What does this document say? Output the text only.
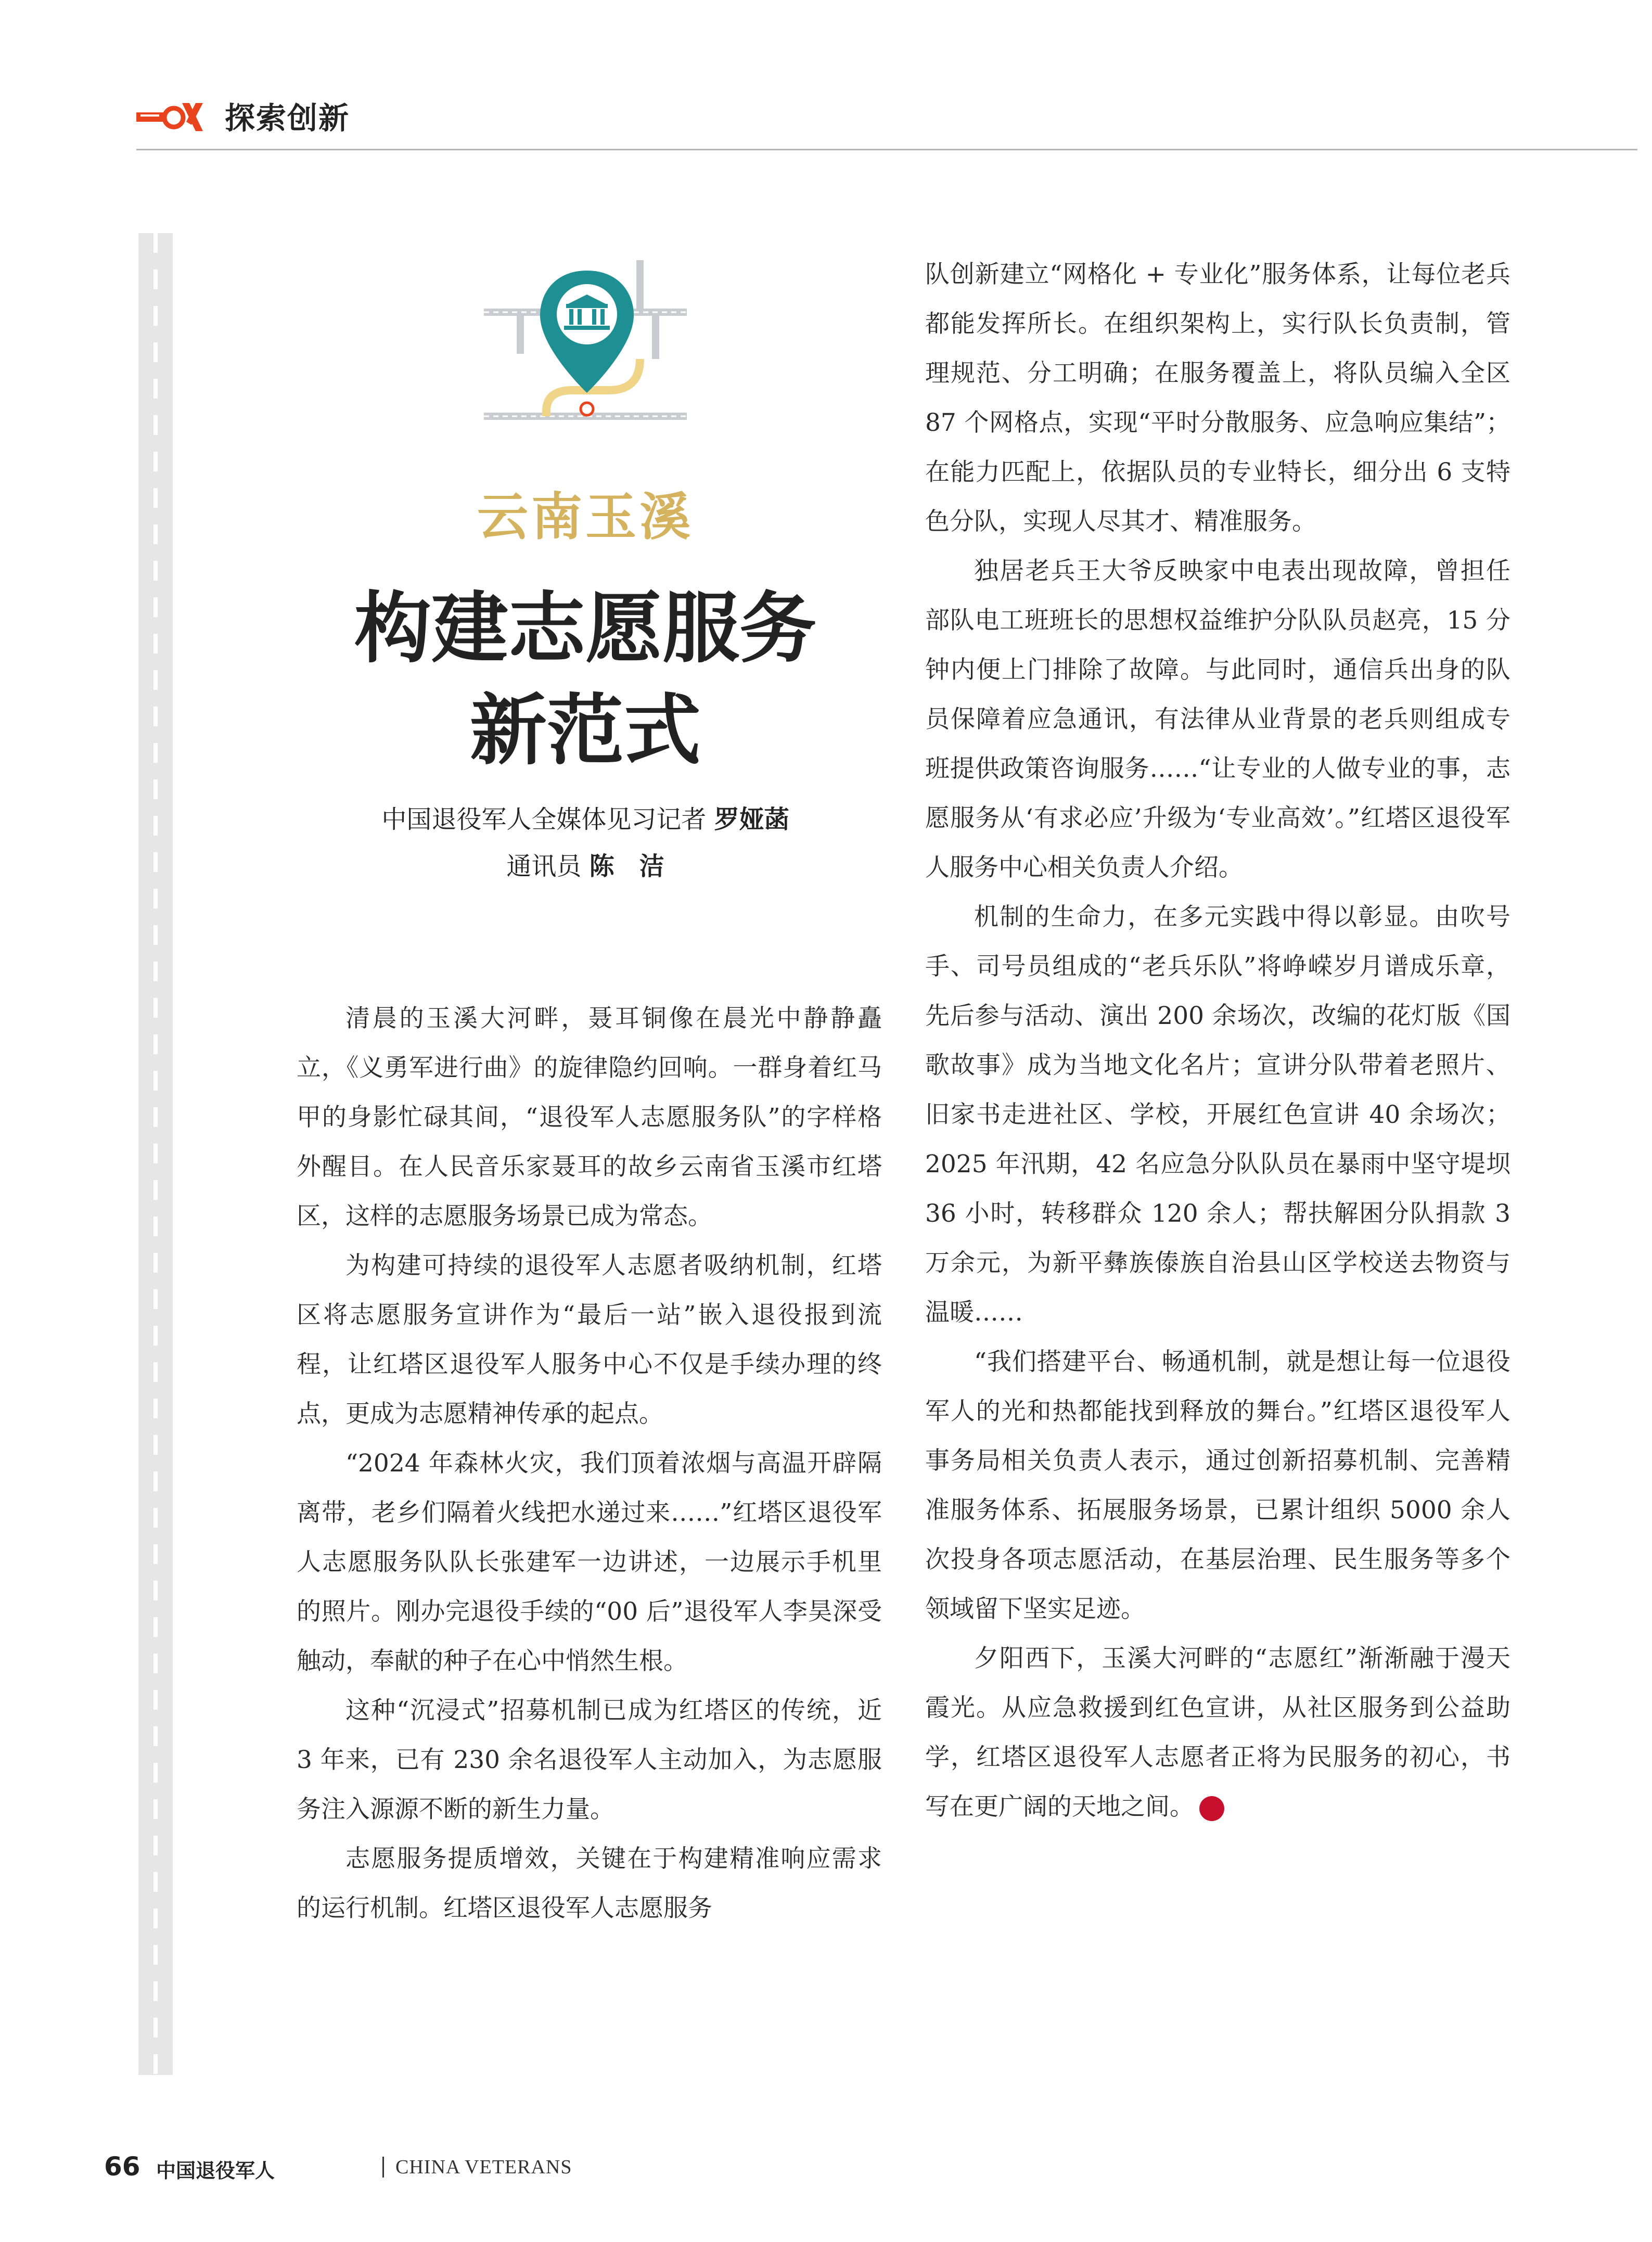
探索创新
云南玉溪
构建志愿服务
新范式
中国退役军人全媒体见习记者 罗娅菡
通讯员 陈　洁

清晨的玉溪大河畔，聂耳铜像在晨光中静静矗立，《义勇军进行曲》的旋律隐约回响。一群身着红马甲的身影忙碌其间，“退役军人志愿服务队”的字样格外醒目。在人民音乐家聂耳的故乡云南省玉溪市红塔区，这样的志愿服务场景已成为常态。

为构建可持续的退役军人志愿者吸纳机制，红塔区将志愿服务宣讲作为“最后一站”嵌入退役报到流程，让红塔区退役军人服务中心不仅是手续办理的终点，更成为志愿精神传承的起点。

“2024 年森林火灾，我们顶着浓烟与高温开辟隔离带，老乡们隔着火线把水递过来……”红塔区退役军人志愿服务队队长张建军一边讲述，一边展示手机里的照片。刚办完退役手续的“00 后”退役军人李昊深受触动，奉献的种子在心中悄然生根。

这种“沉浸式”招募机制已成为红塔区的传统，近 3 年来，已有 230 余名退役军人主动加入，为志愿服务注入源源不断的新生力量。

志愿服务提质增效，关键在于构建精准响应需求的运行机制。红塔区退役军人志愿服务

队创新建立“网格化 + 专业化”服务体系，让每位老兵都能发挥所长。在组织架构上，实行队长负责制，管理规范、分工明确；在服务覆盖上，将队员编入全区 87 个网格点，实现“平时分散服务、应急响应集结”；在能力匹配上，依据队员的专业特长，细分出 6 支特色分队，实现人尽其才、精准服务。

独居老兵王大爷反映家中电表出现故障，曾担任部队电工班班长的思想权益维护分队队员赵亮，15 分钟内便上门排除了故障。与此同时，通信兵出身的队员保障着应急通讯，有法律从业背景的老兵则组成专班提供政策咨询服务……“让专业的人做专业的事，志愿服务从‘有求必应’升级为‘专业高效’。”红塔区退役军人服务中心相关负责人介绍。

机制的生命力，在多元实践中得以彰显。由吹号手、司号员组成的“老兵乐队”将峥嵘岁月谱成乐章，先后参与活动、演出 200 余场次，改编的花灯版《国歌故事》成为当地文化名片；宣讲分队带着老照片、旧家书走进社区、学校，开展红色宣讲 40 余场次；2025 年汛期，42 名应急分队队员在暴雨中坚守堤坝 36 小时，转移群众 120 余人；帮扶解困分队捐款 3 万余元，为新平彝族傣族自治县山区学校送去物资与温暖……

“我们搭建平台、畅通机制，就是想让每一位退役军人的光和热都能找到释放的舞台。”红塔区退役军人事务局相关负责人表示，通过创新招募机制、完善精准服务体系、拓展服务场景，已累计组织 5000 余人次投身各项志愿活动，在基层治理、民生服务等多个领域留下坚实足迹。

夕阳西下，玉溪大河畔的“志愿红”渐渐融于漫天霞光。从应急救援到红色宣讲，从社区服务到公益助学，红塔区退役军人志愿者正将为民服务的初心，书写在更广阔的天地之间。	V

66 中国退役军人	CHINA VETERANS
